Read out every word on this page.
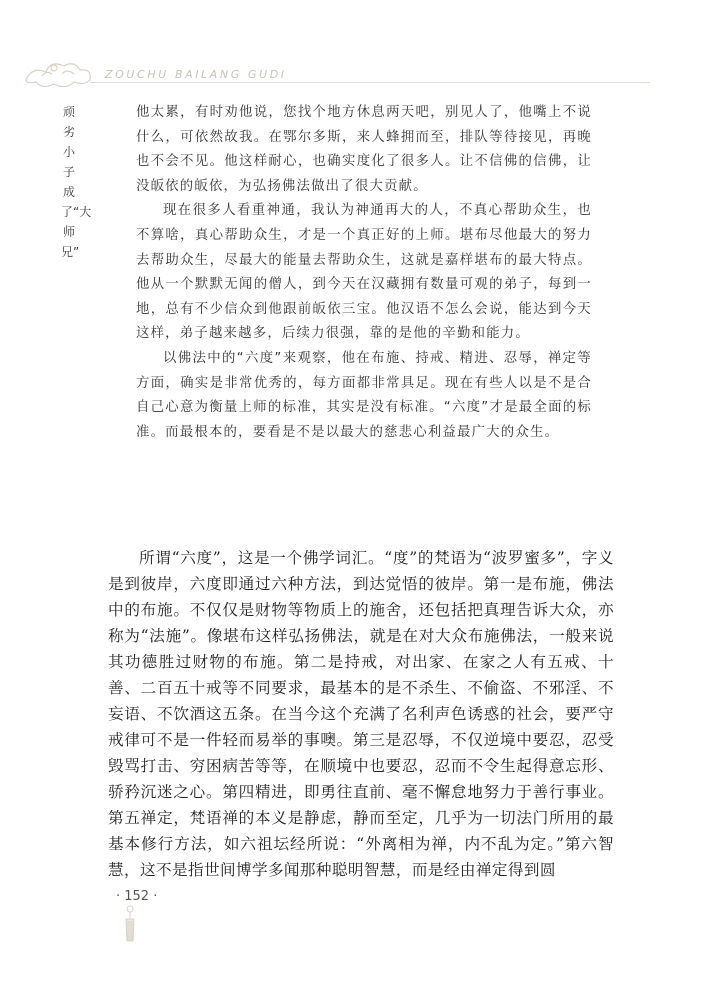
ZOUCHU BAILANG GUDI
顽劣小子成了“大师兄”

他太累，有时劝他说，您找个地方休息两天吧，别见人了，他嘴上不说什么，可依然故我。在鄂尔多斯，来人蜂拥而至，排队等待接见，再晚也不会不见。他这样耐心，也确实度化了很多人。让不信佛的信佛，让没皈依的皈依，为弘扬佛法做出了很大贡献。

现在很多人看重神通，我认为神通再大的人，不真心帮助众生，也不算啥，真心帮助众生，才是一个真正好的上师。堪布尽他最大的努力去帮助众生，尽最大的能量去帮助众生，这就是嘉样堪布的最大特点。他从一个默默无闻的僧人，到今天在汉藏拥有数量可观的弟子，每到一地，总有不少信众到他跟前皈依三宝。他汉语不怎么会说，能达到今天这样，弟子越来越多，后续力很强，靠的是他的辛勤和能力。

以佛法中的“六度”来观察，他在布施、持戒、精进、忍辱，禅定等方面，确实是非常优秀的，每方面都非常具足。现在有些人以是不是合自己心意为衡量上师的标准，其实是没有标准。“六度”才是最全面的标准。而最根本的，要看是不是以最大的慈悲心利益最广大的众生。

所谓“六度”，这是一个佛学词汇。“度”的梵语为“波罗蜜多”，字义是到彼岸，六度即通过六种方法，到达觉悟的彼岸。第一是布施，佛法中的布施。不仅仅是财物等物质上的施舍，还包括把真理告诉大众，亦称为“法施”。像堪布这样弘扬佛法，就是在对大众布施佛法，一般来说其功德胜过财物的布施。第二是持戒，对出家、在家之人有五戒、十善、二百五十戒等不同要求，最基本的是不杀生、不偷盗、不邪淫、不妄语、不饮酒这五条。在当今这个充满了名利声色诱惑的社会，要严守戒律可不是一件轻而易举的事噢。第三是忍辱，不仅逆境中要忍，忍受毁骂打击、穷困病苦等等，在顺境中也要忍，忍而不令生起得意忘形、骄矜沉迷之心。第四精进，即勇往直前、毫不懈怠地努力于善行事业。第五禅定，梵语禅的本义是静虑，静而至定，几乎为一切法门所用的最基本修行方法，如六祖坛经所说：“外离相为禅，内不乱为定。”第六智慧，这不是指世间博学多闻那种聪明智慧，而是经由禅定得到圆

· 152 ·
